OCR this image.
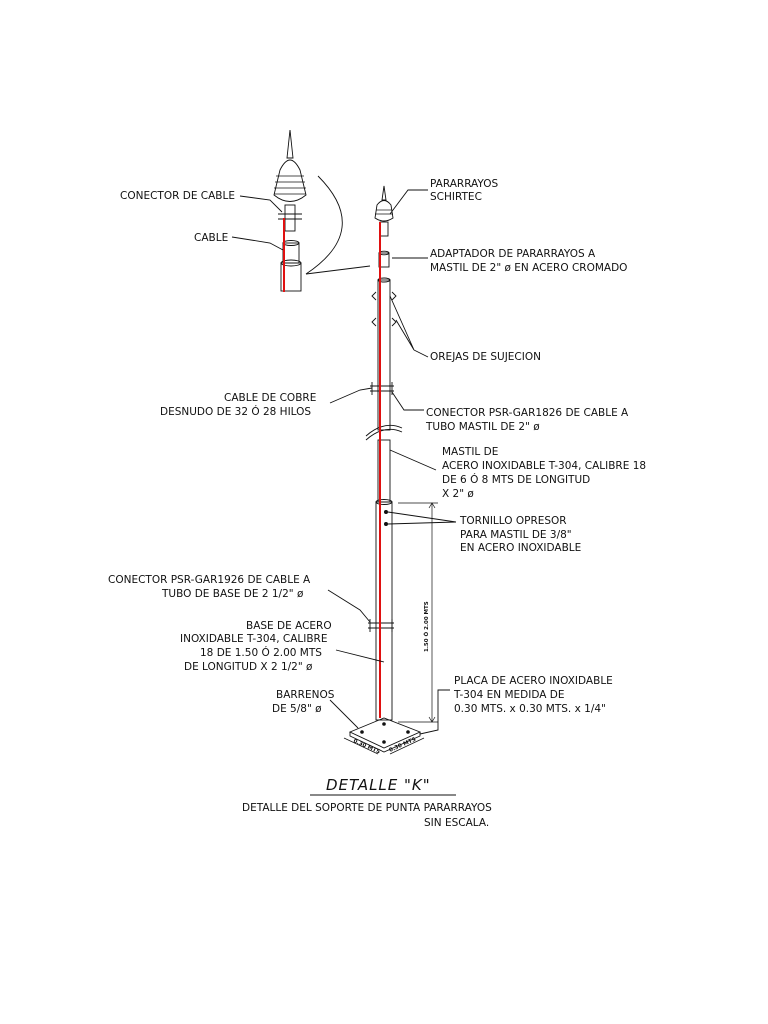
CONECTOR DE CABLE
CABLE
1.50 Ó 2.00 MTS
0.30 MTS 0.30 MTS
PARARRAYOS
SCHIRTEC
ADAPTADOR DE PARARRAYOS A
MASTIL DE 2" ø EN ACERO CROMADO
OREJAS DE SUJECION
CABLE DE COBRE
DESNUDO DE 32 Ó 28 HILOS	CONECTOR PSR-GAR1826 DE CABLE A
TUBO MASTIL DE 2" ø
MASTIL DE
ACERO INOXIDABLE T-304, CALIBRE 18
DE 6 Ó 8 MTS DE LONGITUD
X 2" ø
TORNILLO OPRESOR
PARA MASTIL DE 3/8"
EN ACERO INOXIDABLE
CONECTOR PSR-GAR1926 DE CABLE A
TUBO DE BASE DE 2 1/2" ø
BASE DE ACERO
INOXIDABLE T-304, CALIBRE
18 DE 1.50 Ó 2.00 MTS
DE LONGITUD X 2 1/2" ø
BARRENOS
DE 5/8" ø
PLACA DE ACERO INOXIDABLE
T-304 EN MEDIDA DE
0.30 MTS. x 0.30 MTS. x 1/4"
DETALLE "K"
DETALLE DEL SOPORTE DE PUNTA PARARRAYOS
SIN ESCALA.
